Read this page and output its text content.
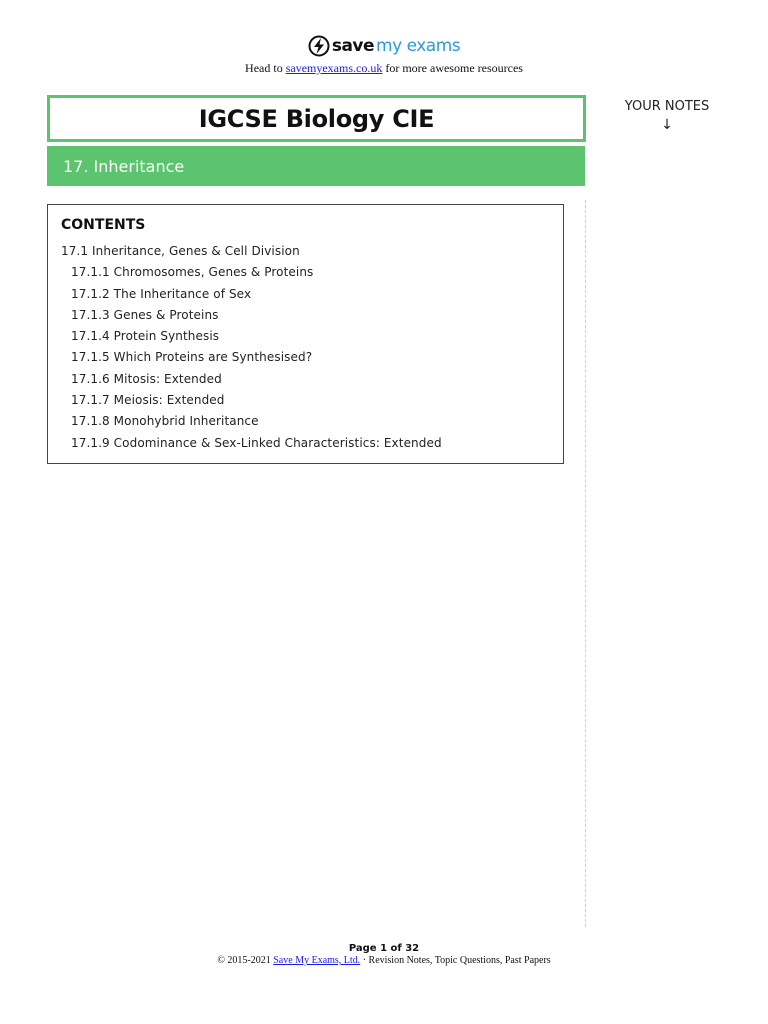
save my exams
Head to savemyexams.co.uk for more awesome resources
IGCSE Biology CIE
17. Inheritance
YOUR NOTES
↓
CONTENTS
17.1 Inheritance, Genes & Cell Division
17.1.1 Chromosomes, Genes & Proteins
17.1.2 The Inheritance of Sex
17.1.3 Genes & Proteins
17.1.4 Protein Synthesis
17.1.5 Which Proteins are Synthesised?
17.1.6 Mitosis: Extended
17.1.7 Meiosis: Extended
17.1.8 Monohybrid Inheritance
17.1.9 Codominance & Sex-Linked Characteristics: Extended
Page 1 of 32
© 2015-2021 Save My Exams, Ltd. · Revision Notes, Topic Questions, Past Papers
